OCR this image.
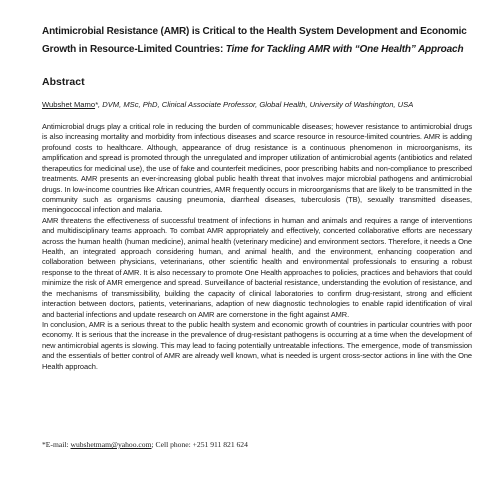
Antimicrobial Resistance (AMR) is Critical to the Health System Development and Economic Growth in Resource-Limited Countries: Time for Tackling AMR with “One Health” Approach
Abstract
Wubshet Mamo*, DVM, MSc, PhD, Clinical Associate Professor, Global Health, University of Washington, USA

Antimicrobial drugs play a critical role in reducing the burden of communicable diseases; however resistance to antimicrobial drugs is also increasing mortality and morbidity from infectious diseases and scarce resource in resource-limited countries. AMR is adding profound costs to healthcare. Although, appearance of drug resistance is a continuous phenomenon in microorganisms, its amplification and spread is promoted through the unregulated and improper utilization of antimicrobial agents (antibiotics and related therapeutics for medicinal use), the use of fake and counterfeit medicines, poor prescribing habits and non-compliance to prescribed treatments. AMR presents an ever-increasing global public health threat that involves major microbial pathogens and antimicrobial drugs. In low-income countries like African countries, AMR frequently occurs in microorganisms that are likely to be transmitted in the community such as organisms causing pneumonia, diarrheal diseases, tuberculosis (TB), sexually transmitted diseases, meningococcal infection and malaria.

AMR threatens the effectiveness of successful treatment of infections in human and animals and requires a range of interventions and multidisciplinary teams approach. To combat AMR appropriately and effectively, concerted collaborative efforts are necessary across the human health (human medicine), animal health (veterinary medicine) and environment sectors. Therefore, it needs a One Health, an integrated approach considering human, and animal health, and the environment, enhancing cooperation and collaboration between physicians, veterinarians, other scientific health and environmental professionals to ensuring a robust response to the threat of AMR. It is also necessary to promote One Health approaches to policies, practices and behaviors that could minimize the risk of AMR emergence and spread. Surveillance of bacterial resistance, understanding the evolution of resistance, and the mechanisms of transmissibility, building the capacity of clinical laboratories to confirm drug-resistant, strong and efficient interaction between doctors, patients, veterinarians, adaption of new diagnostic technologies to enable rapid identification of viral and bacterial infections and update research on AMR are cornerstone in the fight against AMR.

In conclusion, AMR is a serious threat to the public health system and economic growth of countries in particular countries with poor economy. It is serious that the increase in the prevalence of drug-resistant pathogens is occurring at a time when the development of new antimicrobial agents is slowing. This may lead to facing potentially untreatable infections. The emergence, mode of transmission and the essentials of better control of AMR are already well known, what is needed is urgent cross-sector actions in line with the One Health approach.

*E-mail: wubshetmam@yahoo.com; Cell phone: +251 911 821 624
